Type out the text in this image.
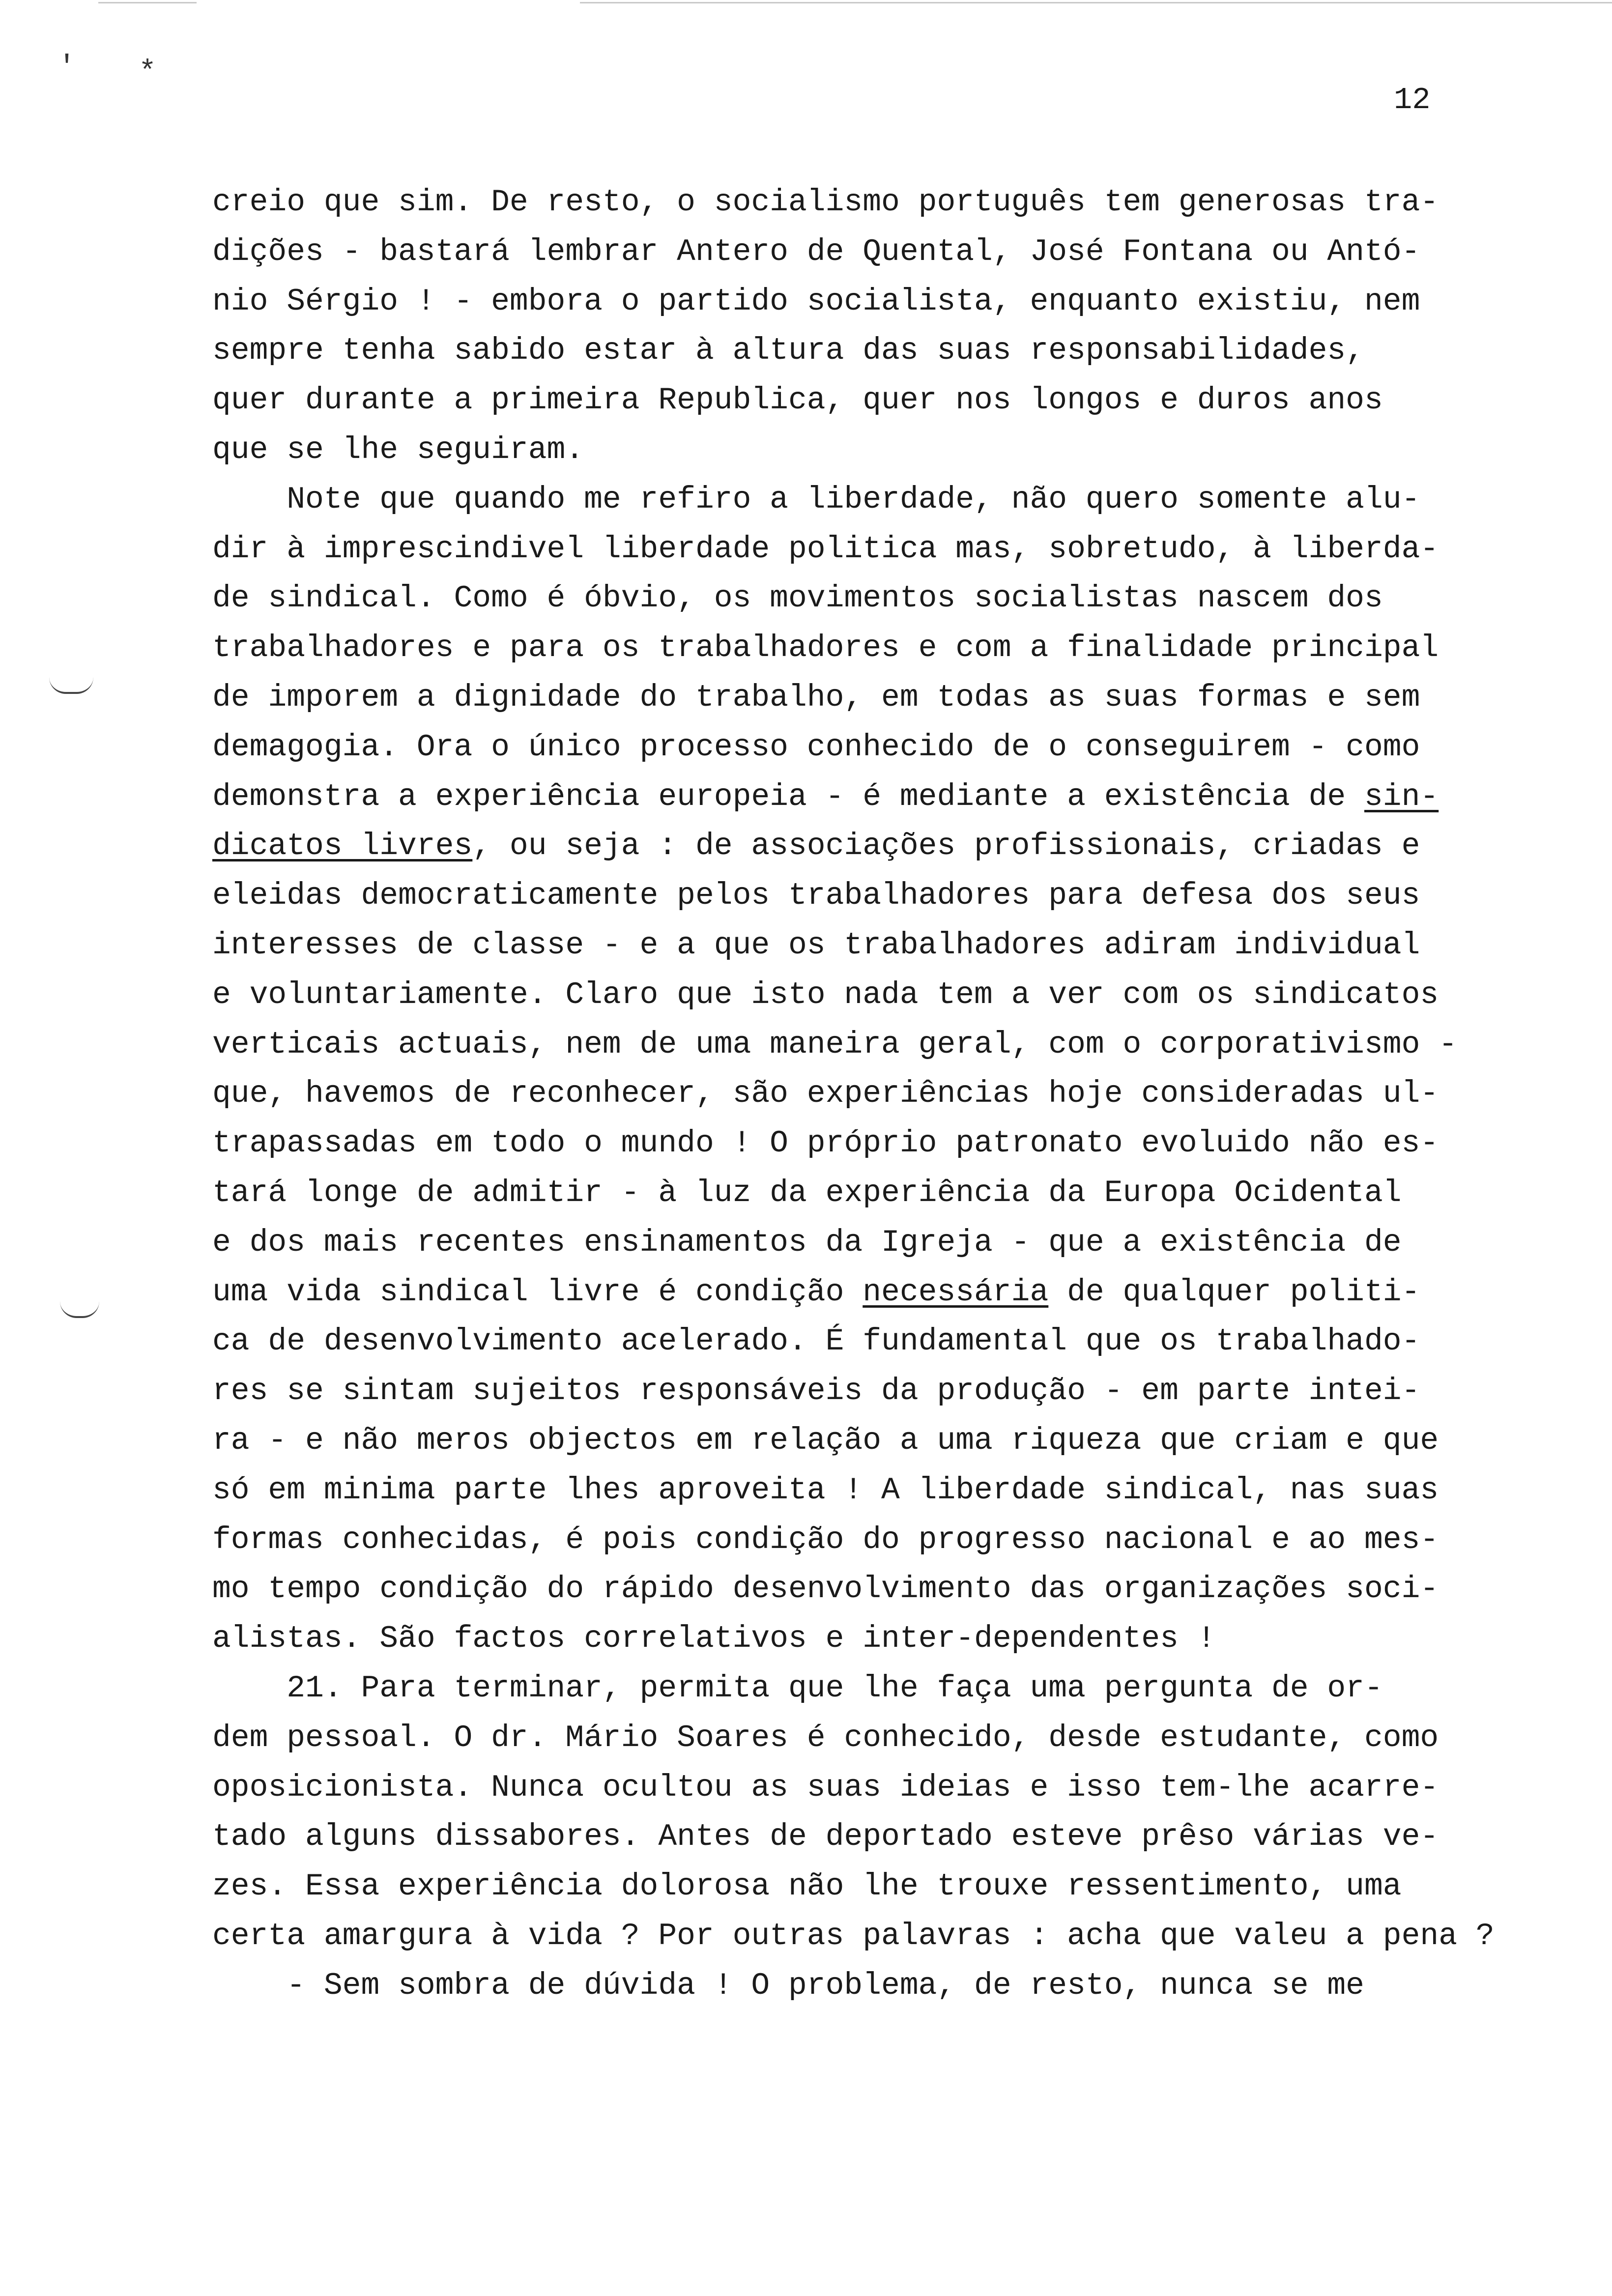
' *
12
creio que sim. De resto, o socialismo português tem generosas tra-
dições - bastará lembrar Antero de Quental, José Fontana ou Antó-
nio Sérgio ! - embora o partido socialista, enquanto existiu, nem
sempre tenha sabido estar à altura das suas responsabilidades,
quer durante a primeira Republica, quer nos longos e duros anos
que se lhe seguiram.
Note que quando me refiro a liberdade, não quero somente alu-
dir à imprescindivel liberdade politica mas, sobretudo, à liberda-
de sindical. Como é óbvio, os movimentos socialistas nascem dos
trabalhadores e para os trabalhadores e com a finalidade principal
de imporem a dignidade do trabalho, em todas as suas formas e sem
demagogia. Ora o único processo conhecido de o conseguirem - como
demonstra a experiência europeia - é mediante a existência de sin-
dicatos livres, ou seja : de associações profissionais, criadas e
eleidas democraticamente pelos trabalhadores para defesa dos seus
interesses de classe - e a que os trabalhadores adiram individual
e voluntariamente. Claro que isto nada tem a ver com os sindicatos
verticais actuais, nem de uma maneira geral, com o corporativismo -
que, havemos de reconhecer, são experiências hoje consideradas ul-
trapassadas em todo o mundo ! O próprio patronato evoluido não es-
tará longe de admitir - à luz da experiência da Europa Ocidental
e dos mais recentes ensinamentos da Igreja - que a existência de
uma vida sindical livre é condição necessária de qualquer politi-
ca de desenvolvimento acelerado. É fundamental que os trabalhado-
res se sintam sujeitos responsáveis da produção - em parte intei-
ra - e não meros objectos em relação a uma riqueza que criam e que
só em minima parte lhes aproveita ! A liberdade sindical, nas suas
formas conhecidas, é pois condição do progresso nacional e ao mes-
mo tempo condição do rápido desenvolvimento das organizações soci-
alistas. São factos correlativos e inter-dependentes !
21. Para terminar, permita que lhe faça uma pergunta de or-
dem pessoal. O dr. Mário Soares é conhecido, desde estudante, como
oposicionista. Nunca ocultou as suas ideias e isso tem-lhe acarre-
tado alguns dissabores. Antes de deportado esteve prêso várias ve-
zes. Essa experiência dolorosa não lhe trouxe ressentimento, uma
certa amargura à vida ? Por outras palavras : acha que valeu a pena ?
- Sem sombra de dúvida ! O problema, de resto, nunca se me
